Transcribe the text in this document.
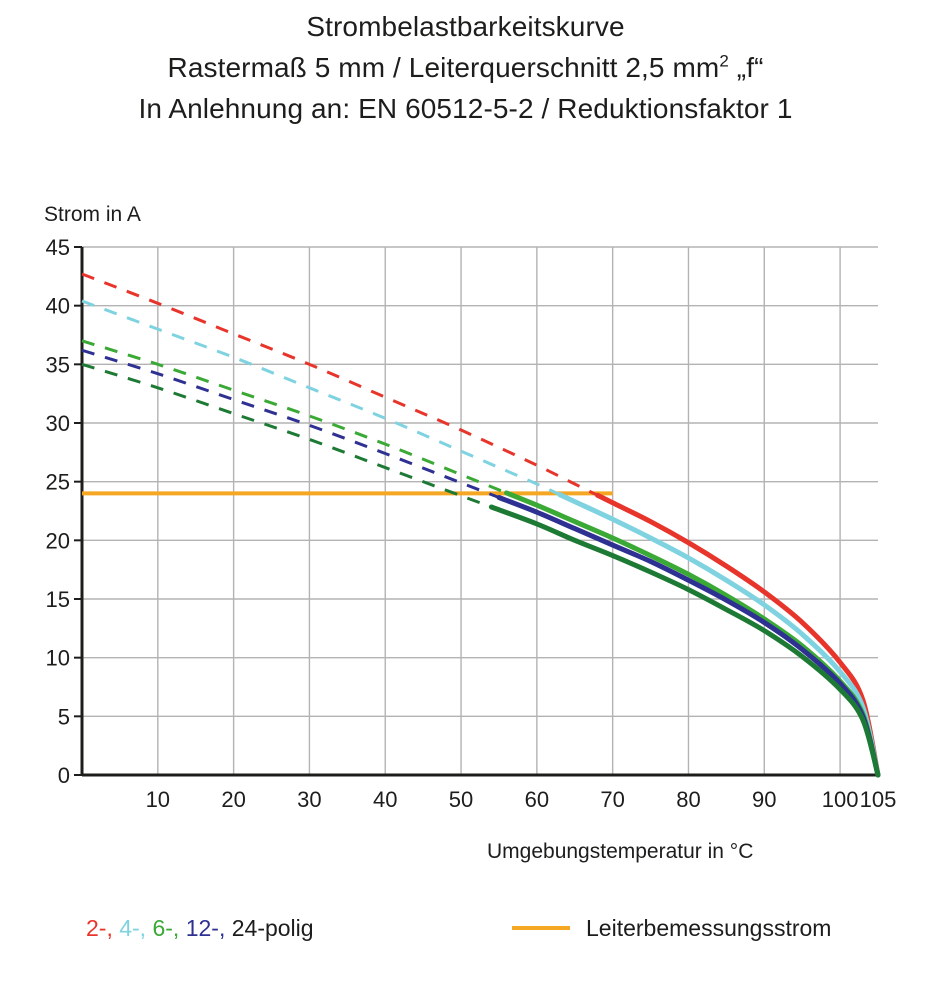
Strombelastbarkeitskurve
Rastermaß 5 mm / Leiterquerschnitt 2,5 $mm^2$ „f“
In Anlehnung an: EN 60512-5-2 / Reduktionsfaktor 1
Strom in A
Umgebungstemperatur in °C
0
5
10
15
20
25
30
35
40
45
10 20 30 40 50 60 70 80 90 100 105
2-, 4-, 6-, 12-, 24-polig	Leiterbemessungsstrom
